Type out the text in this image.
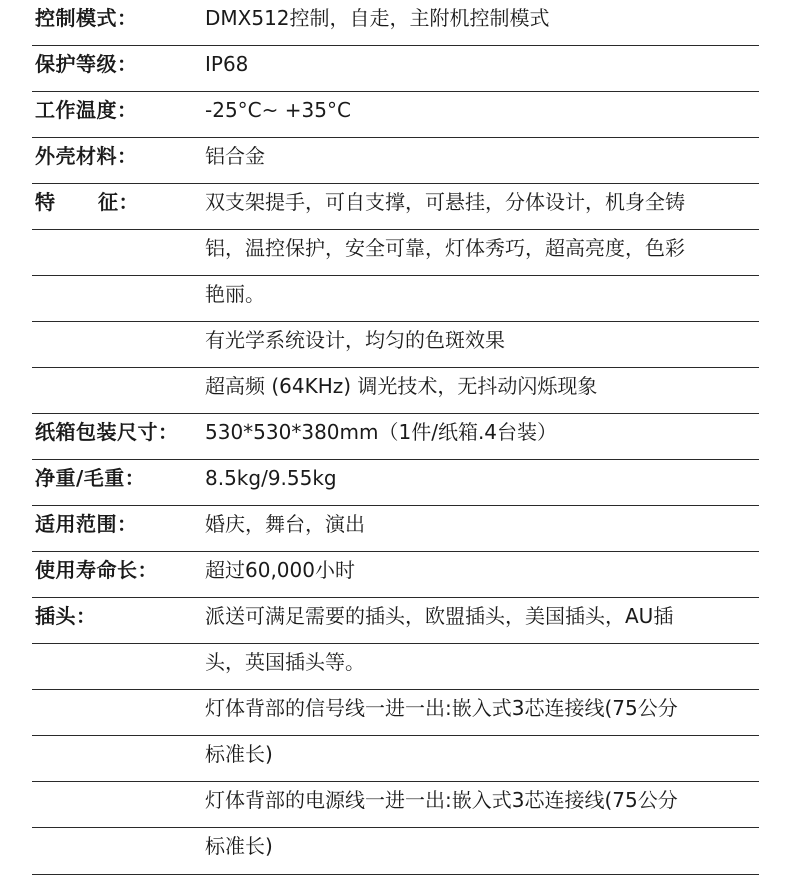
控制模式：	DMX512控制，自走，主附机控制模式
保护等级：	IP68
工作温度：	-25°C~ +35°C
外壳材料：	铝合金
特 征：	双支架提手，可自支撑，可悬挂，分体设计，机身全铸
铝，温控保护，安全可靠，灯体秀巧，超高亮度，色彩
艳丽。
有光学系统设计，均匀的色斑效果
超高频 (64KHz) 调光技术，无抖动闪烁现象
纸箱包装尺寸： 530*530*380mm（1件/纸箱.4台装）
净重/毛重：	8.5kg/9.55kg
适用范围：	婚庆，舞台，演出
使用寿命长： 超过60,000小时
插头：	派送可满足需要的插头，欧盟插头，美国插头，AU插
头，英国插头等。
灯体背部的信号线一进一出:嵌入式3芯连接线(75公分
标准长)
灯体背部的电源线一进一出:嵌入式3芯连接线(75公分
标准长)
